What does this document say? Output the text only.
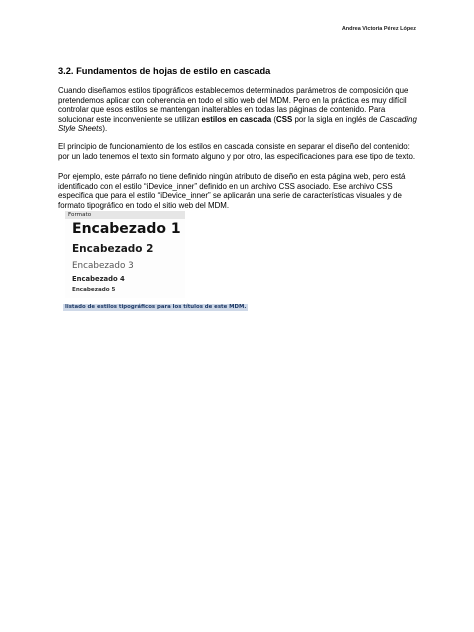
Andrea Victoria Pérez López
3.2. Fundamentos de hojas de estilo en cascada
Cuando diseñamos estilos tipográficos establecemos determinados parámetros de composición que pretendemos aplicar con coherencia en todo el sitio web del MDM. Pero en la práctica es muy difícil controlar que esos estilos se mantengan inalterables en todas las páginas de contenido. Para solucionar este inconveniente se utilizan estilos en cascada (CSS por la sigla en inglés de Cascading Style Sheets).
El principio de funcionamiento de los estilos en cascada consiste en separar el diseño del contenido: por un lado tenemos el texto sin formato alguno y por otro, las especificaciones para ese tipo de texto.
Por ejemplo, este párrafo no tiene definido ningún atributo de diseño en esta página web, pero está identificado con el estilo “iDevice_inner” definido en un archivo CSS asociado. Ese archivo CSS especifica que para el estilo “iDevice_inner” se aplicarán una serie de características visuales y de formato tipográfico en todo el sitio web del MDM.
Formato
Encabezado 1
Encabezado 2
Encabezado 3
Encabezado 4
Encabezado 5
listado de estilos tipográficos para los títulos de este MDM.
